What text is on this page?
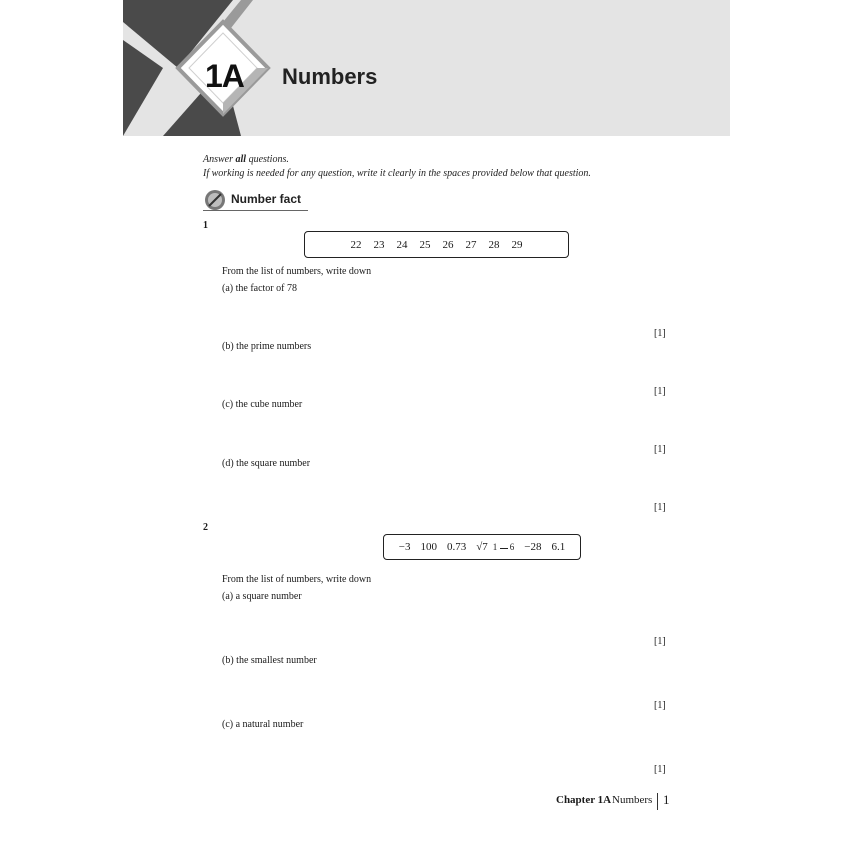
1A Numbers
Answer all questions.
If working is needed for any question, write it clearly in the spaces provided below that question.
Number fact
1
22 23 24 25 26 27 28 29
From the list of numbers, write down
(a) the factor of 78
[1]
(b) the prime numbers
[1]
(c) the cube number
[1]
(d) the square number
[1]
2
−3 100 0.73 √7 1 6 −28 6.1
From the list of numbers, write down
(a) a square number
[1]
(b) the smallest number
[1]
(c) a natural number
[1]
Chapter 1A Numbers 1
